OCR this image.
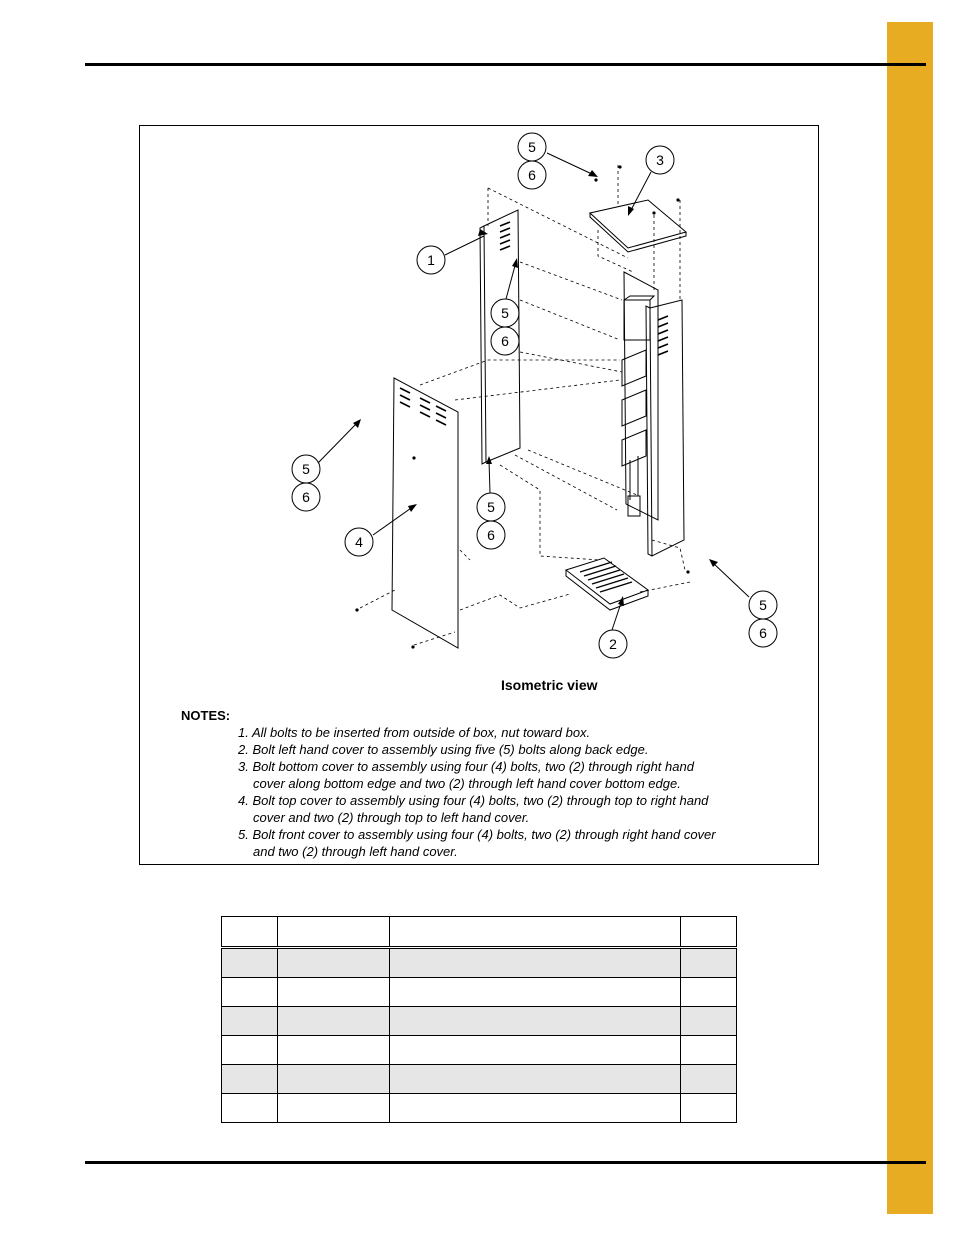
5
6
3
1
5
6
5
6
5
6
4
5
6
2
Isometric view
NOTES:
1. All bolts to be inserted from outside of box, nut toward box.
2. Bolt left hand cover to assembly using five (5) bolts along back edge.
3. Bolt bottom cover to assembly using four (4) bolts, two (2) through right hand
cover along bottom edge and two (2) through left hand cover bottom edge.
4. Bolt top cover to assembly using four (4) bolts, two (2) through top to right hand
cover and two (2) through top to left hand cover.
5. Bolt front cover to assembly using four (4) bolts, two (2) through right hand cover
and two (2) through left hand cover.
